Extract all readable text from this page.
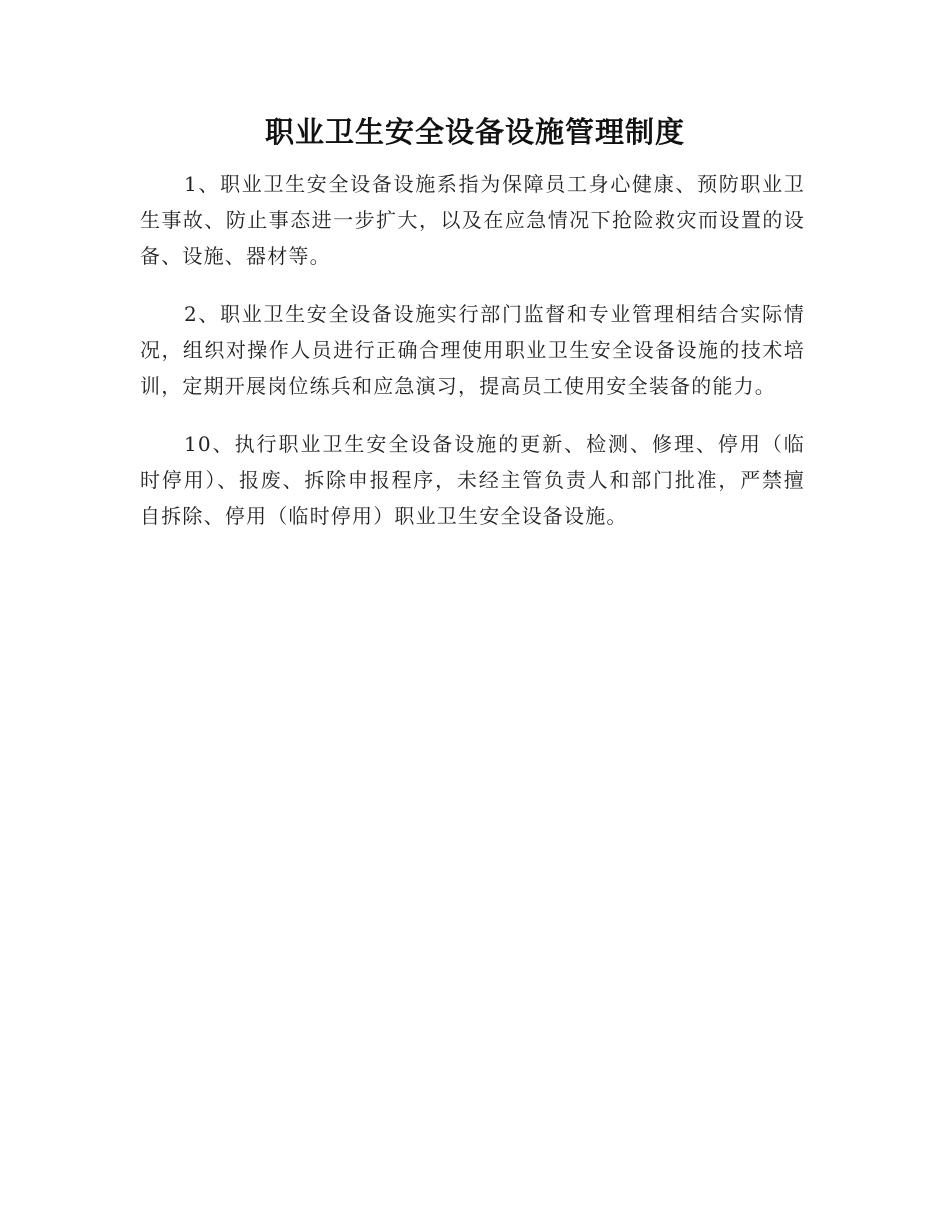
职业卫生安全设备设施管理制度

1、职业卫生安全设备设施系指为保障员工身心健康、预防职业卫生事故、防止事态进一步扩大，以及在应急情况下抢险救灾而设置的设备、设施、器材等。

2、职业卫生安全设备设施实行部门监督和专业管理相结合实际情况，组织对操作人员进行正确合理使用职业卫生安全设备设施的技术培训，定期开展岗位练兵和应急演习，提高员工使用安全装备的能力。

10、执行职业卫生安全设备设施的更新、检测、修理、停用（临时停用）、报废、拆除申报程序，未经主管负责人和部门批准，严禁擅自拆除、停用（临时停用）职业卫生安全设备设施。
